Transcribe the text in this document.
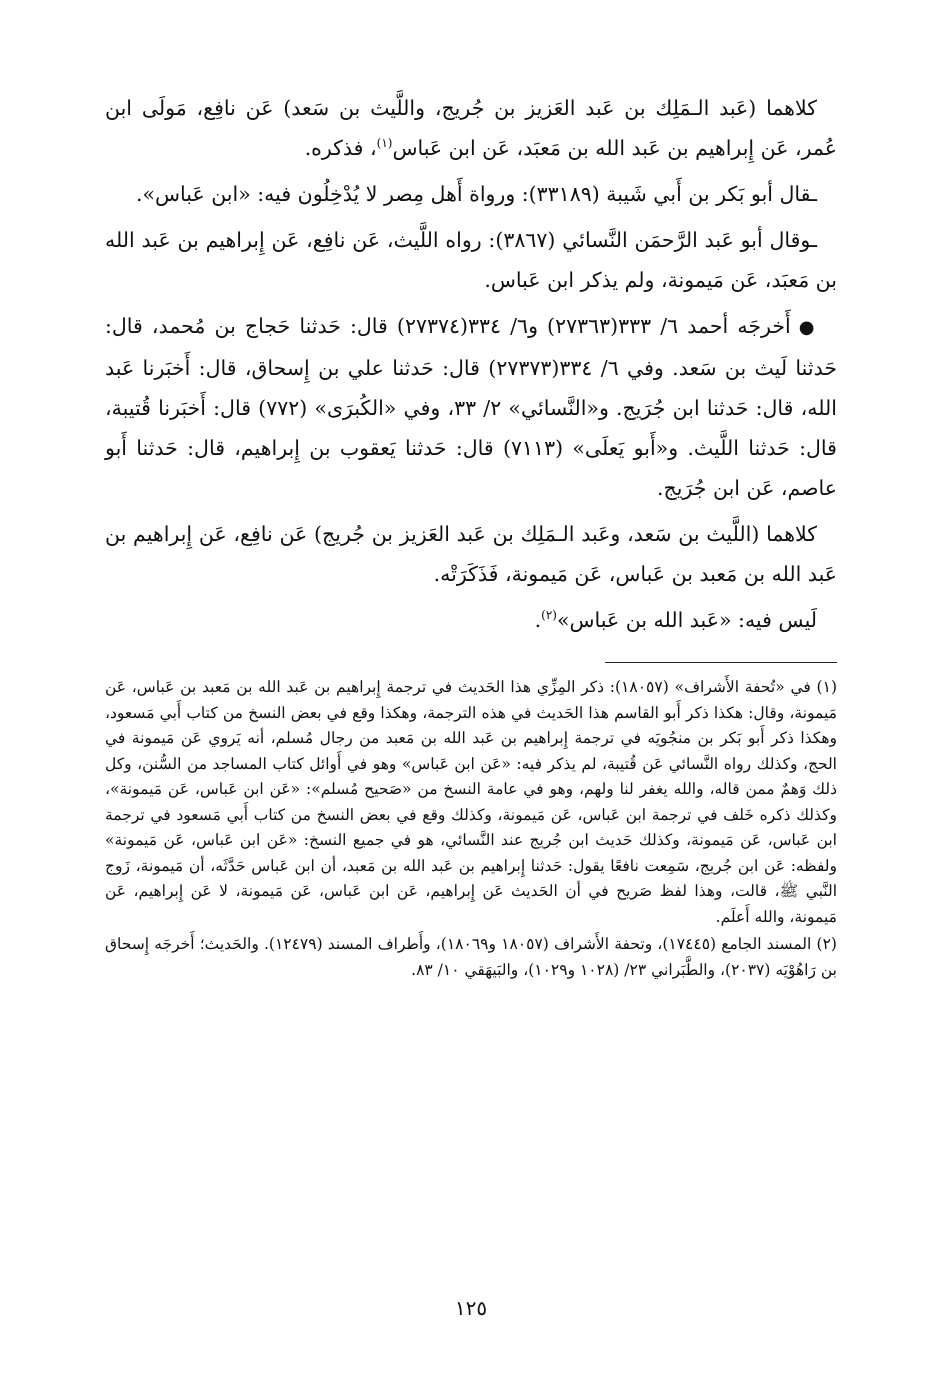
كلاهما (عَبد الـمَلِك بن عَبد العَزيز بن جُريج، واللَّيث بن سَعد) عَن نافِع، مَولَى ابن عُمر، عَن إِبراهيم بن عَبد الله بن مَعبَد، عَن ابن عَباس$^{(١)}$، فذكره.

ـقال أبو بَكر بن أَبي شَيبة (٣٣١٨٩): ورواة أَهل مِصر لا يُدْخِلُون فيه: «ابن عَباس».

ـوقال أبو عَبد الرَّحمَن النَّسائي (٣٨٦٧): رواه اللَّيث، عَن نافِع، عَن إِبراهيم بن عَبد الله بن مَعبَد، عَن مَيمونة، ولم يذكر ابن عَباس.

●أَخرجَه أحمد ٦/ ٣٣٣(٢٧٣٦٣) و٦/ ٣٣٤(٢٧٣٧٤) قال: حَدثنا حَجاج بن مُحمد، قال: حَدثنا لَيث بن سَعد. وفي ٦/ ٣٣٤(٢٧٣٧٣) قال: حَدثنا علي بن إِسحاق، قال: أَخبَرنا عَبد الله، قال: حَدثنا ابن جُرَيج. و«النَّسائي» ٢/ ٣٣، وفي «الكُبرَى» (٧٧٢) قال: أَخبَرنا قُتيبة، قال: حَدثنا اللَّيث. و«أَبو يَعلَى» (٧١١٣) قال: حَدثنا يَعقوب بن إِبراهيم، قال: حَدثنا أَبو عاصم، عَن ابن جُرَيج.

كلاهما (اللَّيث بن سَعد، وعَبد الـمَلِك بن عَبد العَزيز بن جُريج) عَن نافِع، عَن إِبراهيم بن عَبد الله بن مَعبد بن عَباس، عَن مَيمونة، فَذَكَرَتْه.

لَيس فيه: «عَبد الله بن عَباس»$^{(٢)}$.

(١) في «تُحفة الأَشراف» (١٨٠٥٧): ذكر المِزِّي هذا الحَديث في ترجمة إِبراهيم بن عَبد الله بن مَعبد بن عَباس، عَن مَيمونة، وقال: هكذا ذكر أَبو القاسم هذا الحَديث في هذه الترجمة، وهكذا وقع في بعض النسخ من كتاب أَبي مَسعود، وهكذا ذكر أَبو بَكر بن منجُويَه في ترجمة إِبراهيم بن عَبد الله بن مَعبد من رجال مُسلم، أنه يَروي عَن مَيمونة في الحج، وكذلك رواه النَّسائي عَن قُتيبة، لم يذكر فيه: «عَن ابن عَباس» وهو في أَوائل كتاب المساجد من السُّنن، وكل ذلك وَهمٌ ممن قاله، والله يغفر لنا ولهم، وهو في عامة النسخ من «صَحيح مُسلم»: «عَن ابن عَباس، عَن مَيمونة»، وكذلك ذكره خَلف في ترجمة ابن عَباس، عَن مَيمونة، وكذلك وقع في بعض النسخ من كتاب أَبي مَسعود في ترجمة ابن عَباس، عَن مَيمونة، وكذلك حَديث ابن جُريج عند النَّسائي، هو في جميع النسخ: «عَن ابن عَباس، عَن مَيمونة» ولفظه: عَن ابن جُريج، سَمِعت نافعًا يقول: حَدثنا إِبراهيم بن عَبد الله بن مَعبد، أن ابن عَباس حَدَّثَه، أن مَيمونة، زَوج النَّبي ﷺ، قالت، وهذا لفظ صَريح في أن الحَديث عَن إِبراهيم، عَن ابن عَباس، عَن مَيمونة، لا عَن إِبراهيم، عَن مَيمونة، والله أَعلَم.

(٢) المسند الجامع (١٧٤٤٥)، وتحفة الأَشراف (١٨٠٥٧ و١٨٠٦٩)، وأَطراف المسند (١٢٤٧٩). والحَديث؛ أَخرجَه إِسحاق بن رَاهُوْيَه (٢٠٣٧)، والطَّبَراني ٢٣/ (١٠٢٨ و١٠٢٩)، والبَيهَقي ١٠/ ٨٣.

١٢٥
